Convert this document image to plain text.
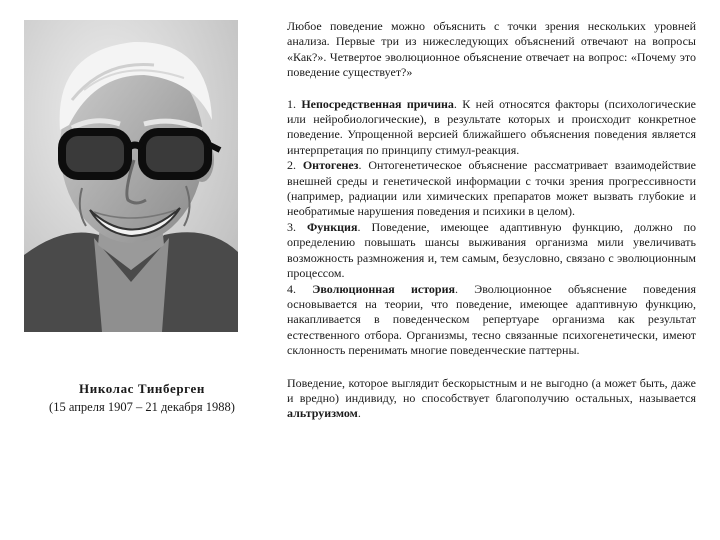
Николас Тинберген
(15 апреля 1907 – 21 декабря 1988)

Любое поведение можно объяснить с точки зрения нескольких уровней анализа. Первые три из нижеследующих объяснений отвечают на вопросы «Как?». Четвертое эволюционное объяснение отвечает на вопрос: «Почему это поведение существует?»

1. Непосредственная причина. К ней относятся факторы (психологические или нейробиологические), в результате которых и происходит конкретное поведение. Упрощенной версией ближайшего объяснения поведения является интерпретация по принципу стимул-реакция.

2. Онтогенез. Онтогенетическое объяснение рассматривает взаимодействие внешней среды и генетической информации с точки зрения прогрессивности (например, радиации или химических препаратов может вызвать глубокие и необратимые нарушения поведения и психики в целом).

3. Функция. Поведение, имеющее адаптивную функцию, должно по определению повышать шансы выживания организма мили увеличивать возможность размножения и, тем самым, безусловно, связано с эволюционным процессом.

4. Эволюционная история. Эволюционное объяснение поведения основывается на теории, что поведение, имеющее адаптивную функцию, накапливается в поведенческом репертуаре организма как результат естественного отбора. Организмы, тесно связанные психогенетически, имеют склонность перенимать многие поведенческие паттерны.

Поведение, которое выглядит бескорыстным и не выгодно (а может быть, даже и вредно) индивиду, но способствует благополучию остальных, называется альтруизмом.
